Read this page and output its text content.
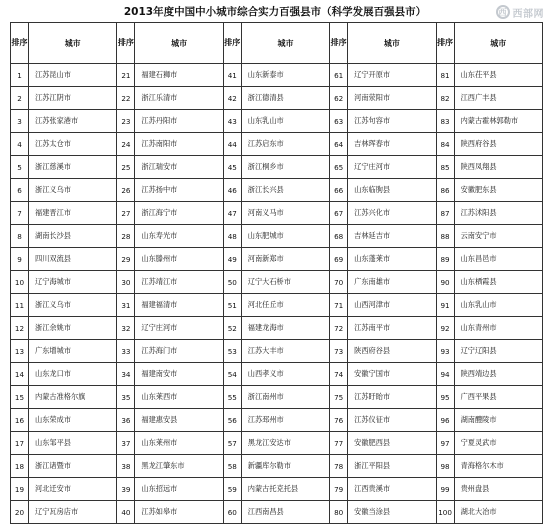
2013年度中国中小城市综合实力百强县市（科学发展百强县市）	西 西部网
排序	城市	排序	城市	排序	城市	排序	城市	排序	城市
1	江苏昆山市	21	福建石狮市	41	山东新泰市	61	辽宁开原市	81	山东茌平县
2	江苏江阴市	22	浙江乐清市	42	浙江德清县	62	河南荥阳市	82	江西广丰县
3	江苏张家港市	23	江苏丹阳市	43	山东乳山市	63	江苏句容市	83	内蒙古霍林郭勒市
4	江苏太仓市	24	江苏南阳市	44	江苏启东市	64	吉林珲春市	84	陕西府谷县
5	浙江慈溪市	25	浙江瑞安市	45	浙江桐乡市	65	辽宁庄河市	85	陕西凤翔县
6	浙江义乌市	26	江苏扬中市	46	浙江长兴县	66	山东临朐县	86	安徽肥东县
7	福建晋江市	27	浙江海宁市	47	河南义马市	67	江苏兴化市	87	江苏沭阳县
8	湖南长沙县	28	山东寿光市	48	山东肥城市	68	吉林延吉市	88	云南安宁市
9	四川双流县	29	山东滕州市	49	河南新郑市	69	山东蓬莱市	89	山东昌邑市
10	辽宁海城市	30	江苏靖江市	50	辽宁大石桥市	70	广东南雄市	90	山东栖霞县
11	浙江义乌市	31	福建福清市	51	河北任丘市	71	山西河津市	91	山东乳山市
12	浙江余姚市	32	辽宁庄河市	52	福建龙海市	72	江苏南平市	92	山东青州市
13	广东增城市	33	江苏海门市	53	江苏大丰市	73	陕西府谷县	93	辽宁辽阳县
14	山东龙口市	34	福建南安市	54	山西孝义市	74	安徽宁国市	94	陕西靖边县
15	内蒙古准格尔旗	35	山东莱西市	55	浙江南州市	75	江苏盱眙市	95	广西平果县
16	山东荣成市	36	福建惠安县	56	江苏邳州市	76	江苏仪征市	96	湖南醴陵市
17	山东邹平县	37	山东莱州市	57	黑龙江安达市	77	安徽肥西县	97	宁夏灵武市
18	浙江诸暨市	38	黑龙江肇东市	58	新疆库尔勒市	78	浙江平阳县	98	青海格尔木市
19	河北迁安市	39	山东招远市	59	内蒙古托克托县	79	江西贵溪市	99	贵州盘县
20	辽宁瓦房店市	40	江苏如皋市	60	江西南昌县	80	安徽当涂县	100	湖北大冶市
